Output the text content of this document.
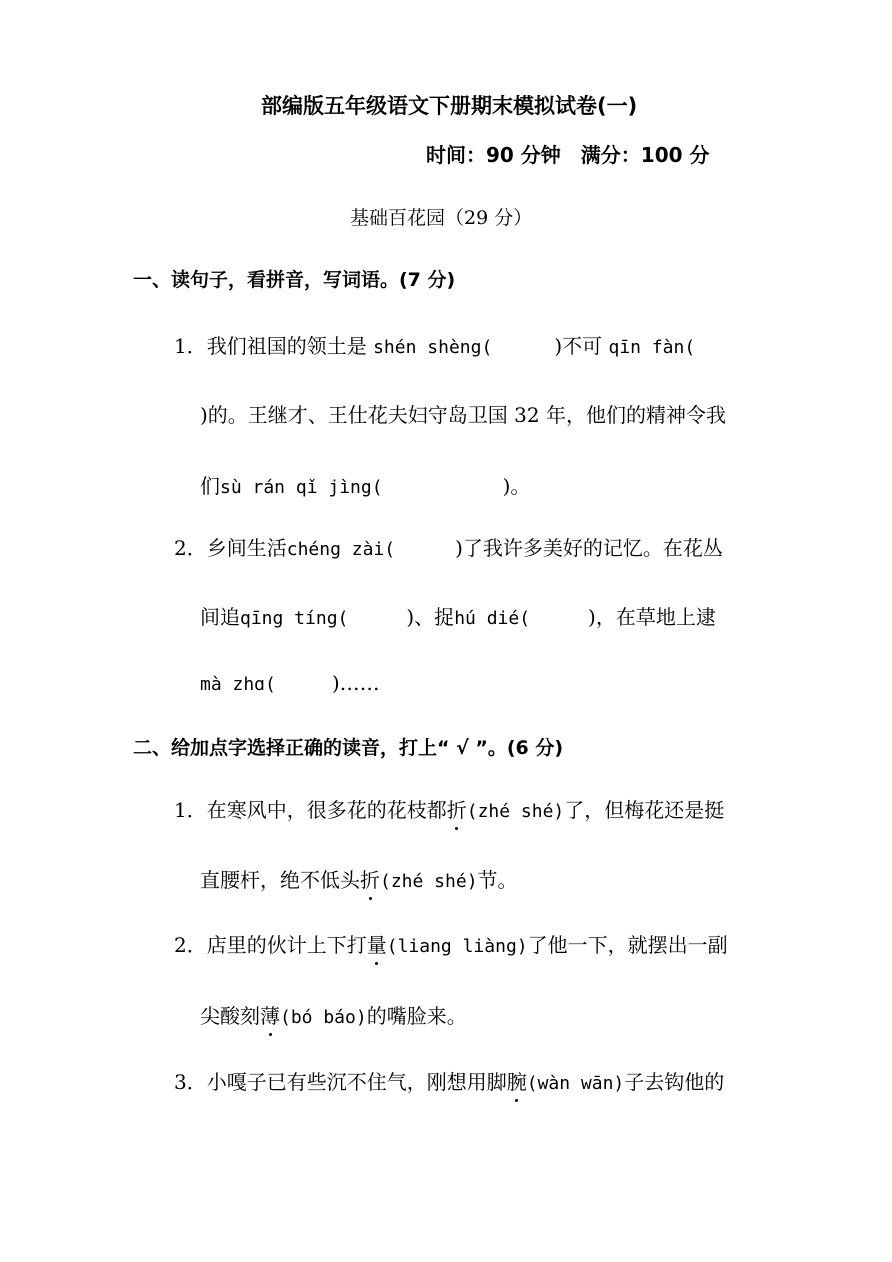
部编版五年级语文下册期末模拟试卷(一)
时间：90 分钟　满分：100 分
基础百花园（29 分）
一、读句子，看拼音，写词语。(7 分)
1．我们祖国的领土是 shén shèng(	)不可 qīn fàn(
)的。王继才、王仕花夫妇守岛卫国 32 年，他们的精神令我
们sù rán qǐ jìng(	)。
2．乡间生活chéng zài(	)了我许多美好的记忆。在花丛
间追qīng tíng(	)、捉hú dié(	)，在草地上逮
mà zhɑ(	)……
二、给加点字选择正确的读音，打上“ √ ”。(6 分)
1．在寒风中，很多花的花枝都折(zhé shé)了，但梅花还是挺
直腰杆，绝不低头折(zhé shé)节。
2．店里的伙计上下打量(liang liàng)了他一下，就摆出一副
尖酸刻薄(bó báo)的嘴脸来。
3．小嘎子已有些沉不住气，刚想用脚腕(wàn wān)子去钩他的
